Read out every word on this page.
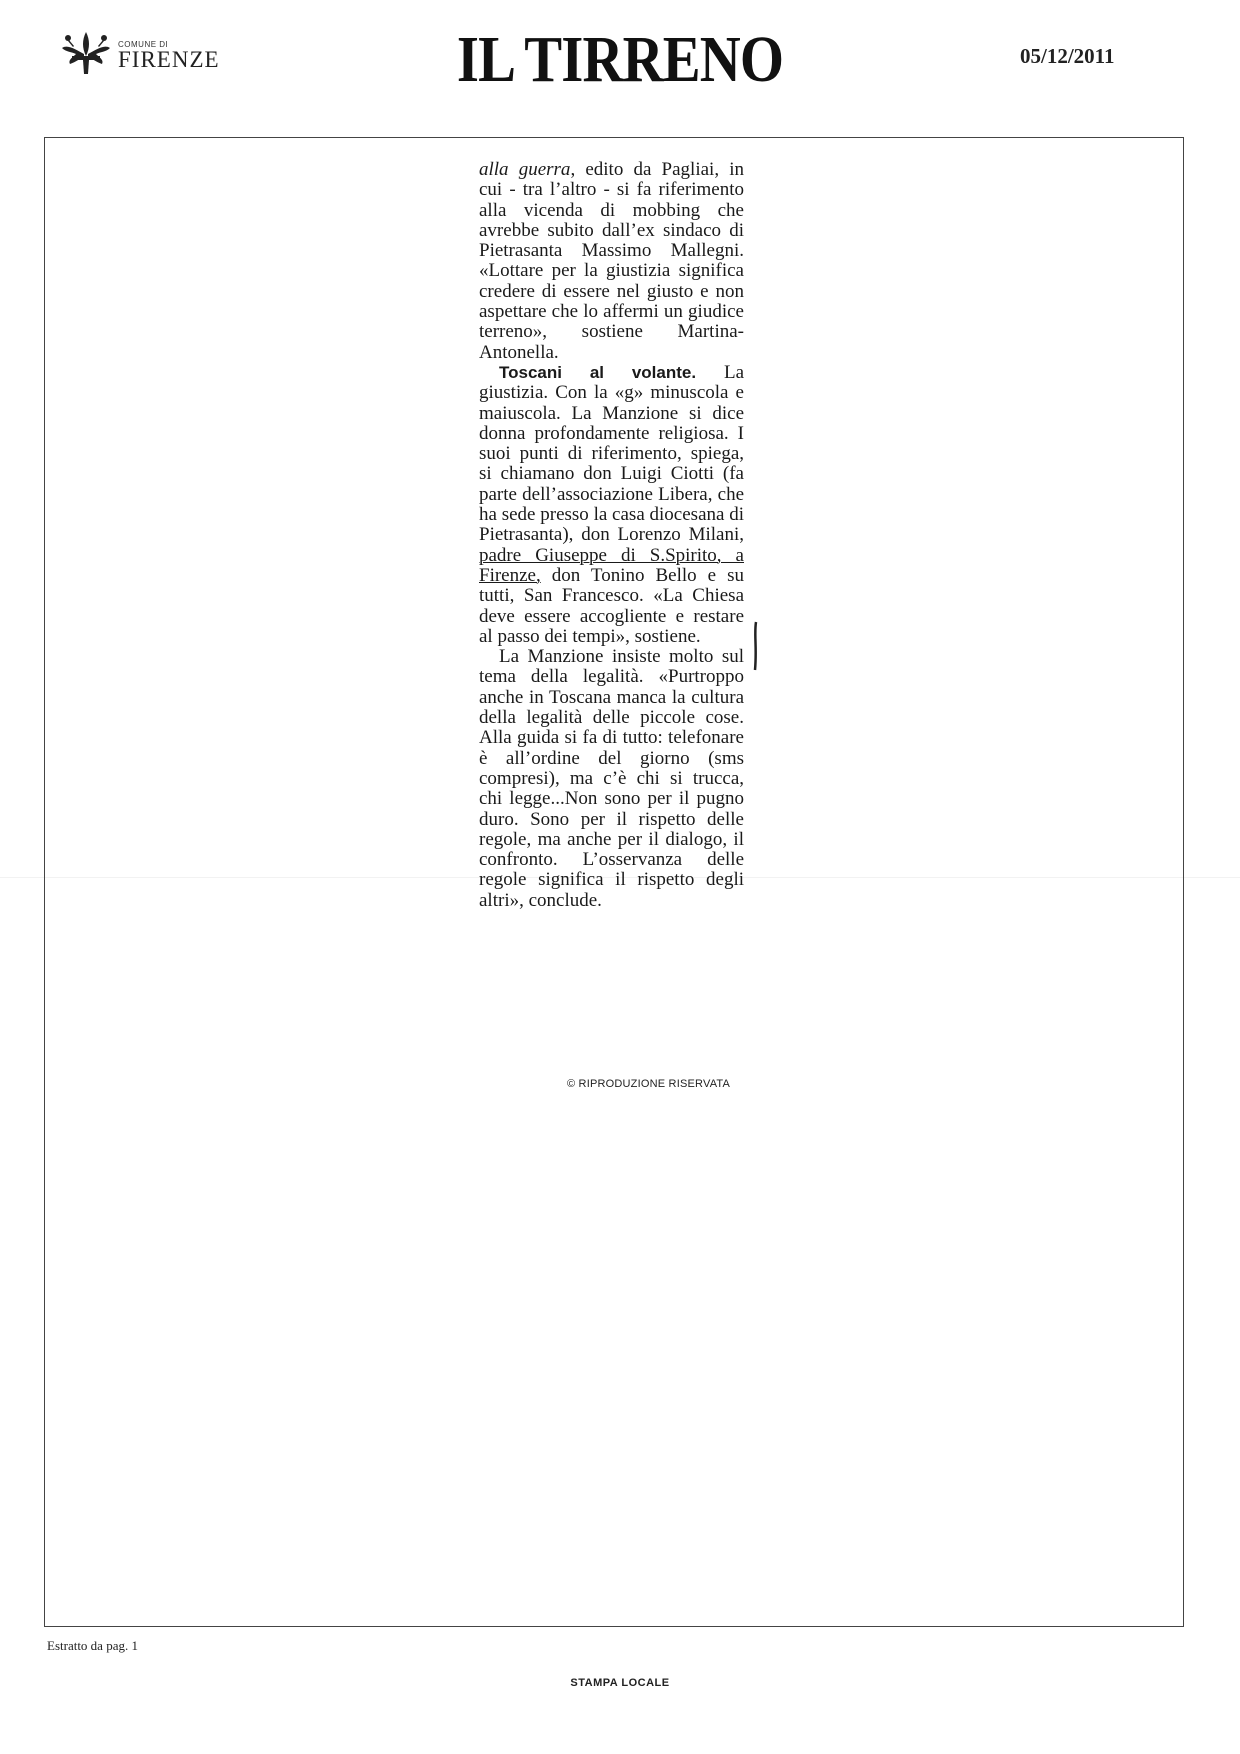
COMUNE DI
FIRENZE	IL TIRRENO	05/12/2011

alla guerra, edito da Pagliai, in cui - tra l’altro - si fa riferimento alla vicenda di mobbing che avrebbe subito dall’ex sindaco di Pietrasanta Massimo Mallegni. «Lottare per la giustizia significa credere di essere nel giusto e non aspettare che lo affermi un giudice terreno», sostiene Martina-Antonella.

Toscani al volante. La giustizia. Con la «g» minuscola e maiuscola. La Manzione si dice donna profondamente religiosa. I suoi punti di riferimento, spiega, si chiamano don Luigi Ciotti (fa parte dell’associazione Libera, che ha sede presso la casa diocesana di Pietrasanta), don Lorenzo Milani, padre Giuseppe di S.Spirito, a Firenze, don Tonino Bello e su tutti, San Francesco. «La Chiesa deve essere accogliente e restare al passo dei tempi», sostiene.

La Manzione insiste molto sul tema della legalità. «Purtroppo anche in Toscana manca la cultura della legalità delle piccole cose. Alla guida si fa di tutto: telefonare è all’ordine del giorno (sms compresi), ma c’è chi si trucca, chi legge...Non sono per il pugno duro. Sono per il rispetto delle regole, ma anche per il dialogo, il confronto. L’osservanza delle regole significa il rispetto degli altri», conclude.

© RIPRODUZIONE RISERVATA
Estratto da pag. 1
STAMPA LOCALE
